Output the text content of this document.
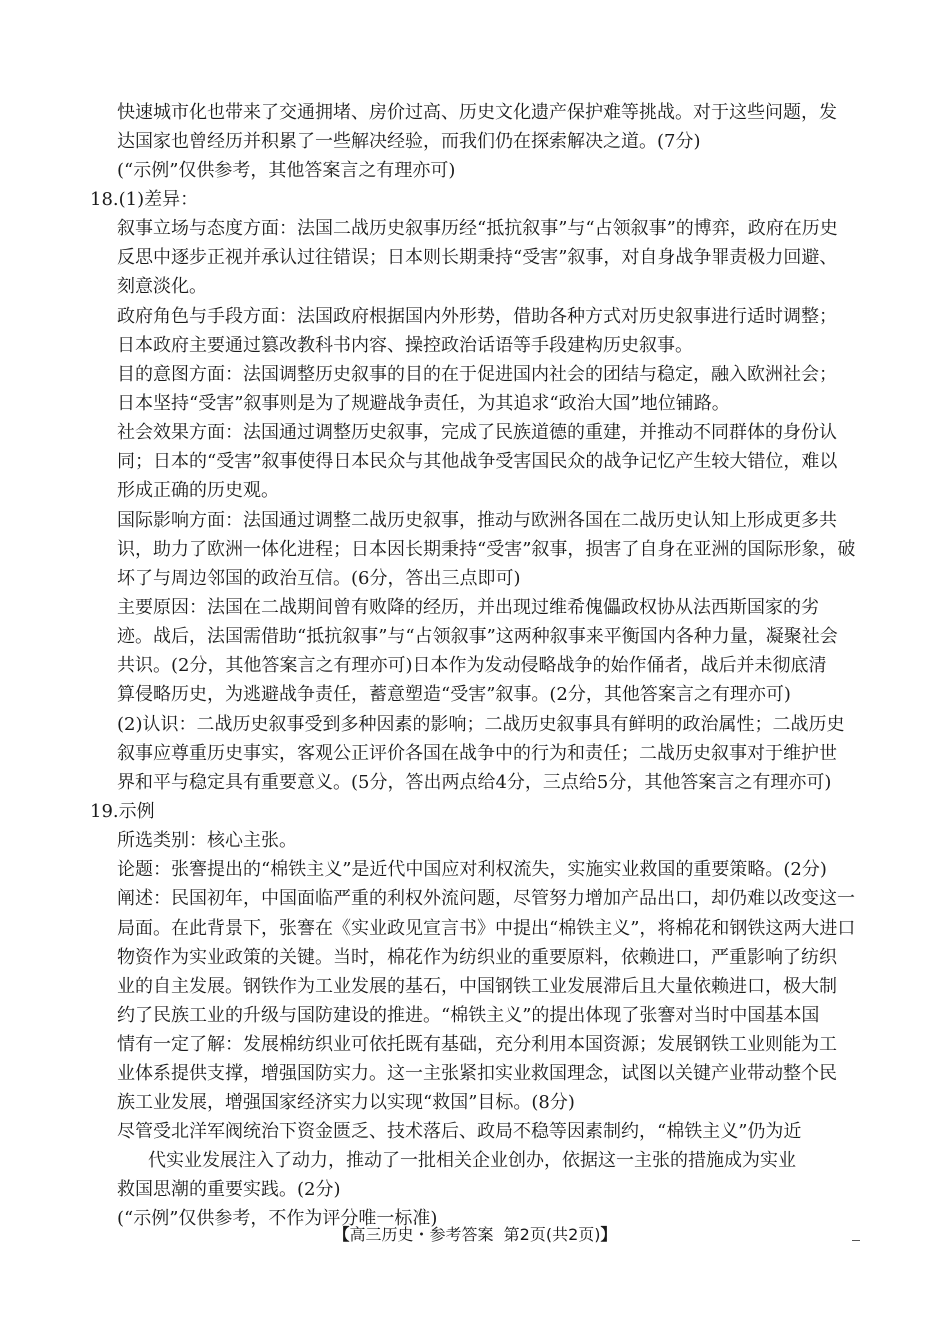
快速城市化也带来了交通拥堵、房价过高、历史文化遗产保护难等挑战。对于这些问题，发
达国家也曾经历并积累了一些解决经验，而我们仍在探索解决之道。(7分)
(“示例”仅供参考，其他答案言之有理亦可)
18.(1)差异：
叙事立场与态度方面：法国二战历史叙事历经“抵抗叙事”与“占领叙事”的博弈，政府在历史
反思中逐步正视并承认过往错误；日本则长期秉持“受害”叙事，对自身战争罪责极力回避、
刻意淡化。
政府角色与手段方面：法国政府根据国内外形势，借助各种方式对历史叙事进行适时调整；
日本政府主要通过篡改教科书内容、操控政治话语等手段建构历史叙事。
目的意图方面：法国调整历史叙事的目的在于促进国内社会的团结与稳定，融入欧洲社会；
日本坚持“受害”叙事则是为了规避战争责任，为其追求“政治大国”地位铺路。
社会效果方面：法国通过调整历史叙事，完成了民族道德的重建，并推动不同群体的身份认
同；日本的“受害”叙事使得日本民众与其他战争受害国民众的战争记忆产生较大错位，难以
形成正确的历史观。
国际影响方面：法国通过调整二战历史叙事，推动与欧洲各国在二战历史认知上形成更多共
识，助力了欧洲一体化进程；日本因长期秉持“受害”叙事，损害了自身在亚洲的国际形象，破
坏了与周边邻国的政治互信。(6分，答出三点即可)
主要原因：法国在二战期间曾有败降的经历，并出现过维希傀儡政权协从法西斯国家的劣
迹。战后，法国需借助“抵抗叙事”与“占领叙事”这两种叙事来平衡国内各种力量，凝聚社会
共识。(2分，其他答案言之有理亦可)日本作为发动侵略战争的始作俑者，战后并未彻底清
算侵略历史，为逃避战争责任，蓄意塑造“受害”叙事。(2分，其他答案言之有理亦可)
(2)认识：二战历史叙事受到多种因素的影响；二战历史叙事具有鲜明的政治属性；二战历史
叙事应尊重历史事实，客观公正评价各国在战争中的行为和责任；二战历史叙事对于维护世
界和平与稳定具有重要意义。(5分，答出两点给4分，三点给5分，其他答案言之有理亦可)
19.示例
所选类别：核心主张。
论题：张謇提出的“棉铁主义”是近代中国应对利权流失，实施实业救国的重要策略。(2分)
阐述：民国初年，中国面临严重的利权外流问题，尽管努力增加产品出口，却仍难以改变这一
局面。在此背景下，张謇在《实业政见宣言书》中提出“棉铁主义”，将棉花和钢铁这两大进口
物资作为实业政策的关键。当时，棉花作为纺织业的重要原料，依赖进口，严重影响了纺织
业的自主发展。钢铁作为工业发展的基石，中国钢铁工业发展滞后且大量依赖进口，极大制
约了民族工业的升级与国防建设的推进。“棉铁主义”的提出体现了张謇对当时中国基本国
情有一定了解：发展棉纺织业可依托既有基础，充分利用本国资源；发展钢铁工业则能为工
业体系提供支撑，增强国防实力。这一主张紧扣实业救国理念，试图以关键产业带动整个民
族工业发展，增强国家经济实力以实现“救国”目标。(8分)
尽管受北洋军阀统治下资金匮乏、技术落后、政局不稳等因素制约，“棉铁主义”仍为近
代实业发展注入了动力，推动了一批相关企业创办，依据这一主张的措施成为实业
救国思潮的重要实践。(2分)
(“示例”仅供参考，不作为评分唯一标准)
【高三历史・参考答案 第2页(共2页)】
